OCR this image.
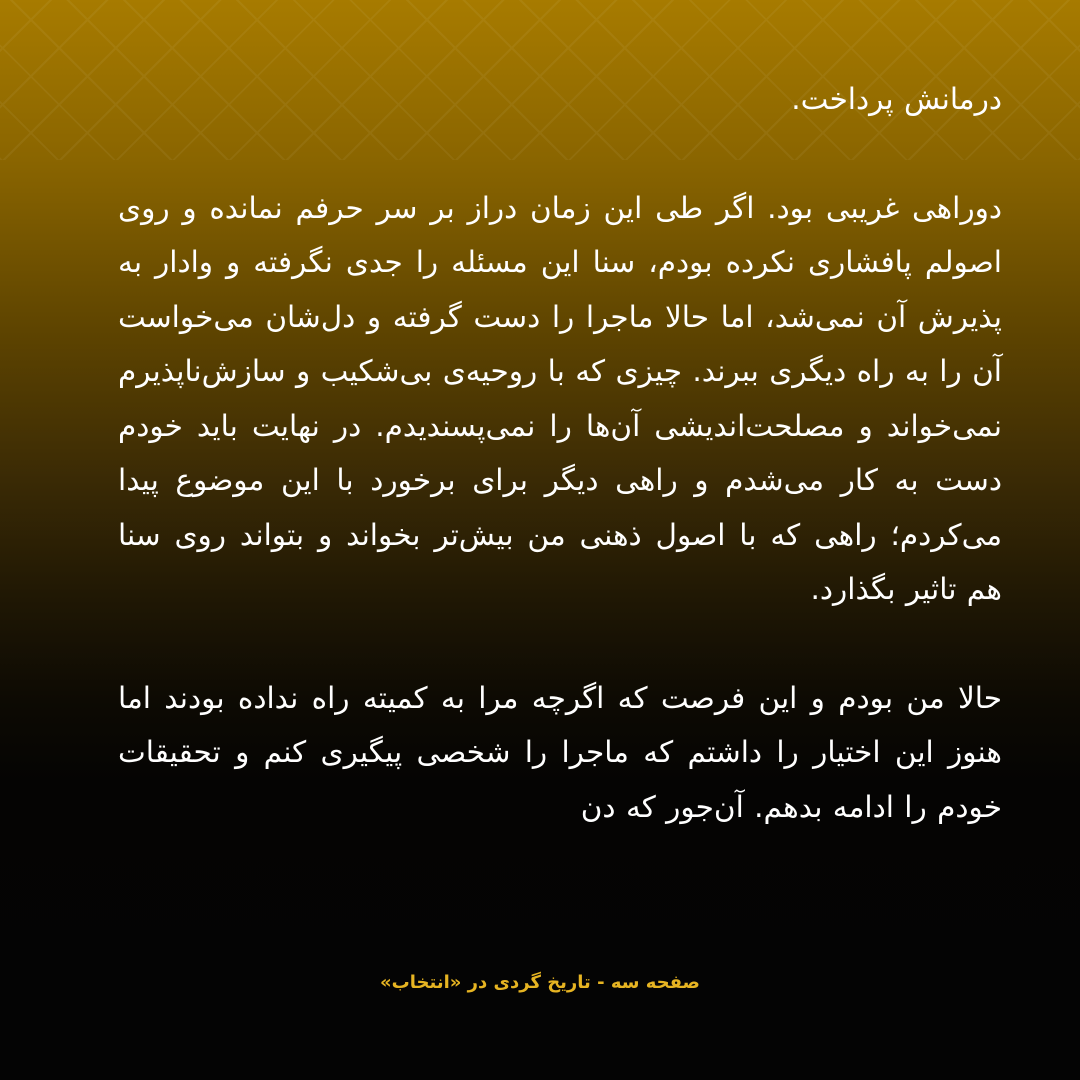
درمانش پرداخت.

دوراهی غریبی بود. اگر طی این زمان دراز بر سر حرفم نمانده و روی اصولم پافشاری نکرده بودم، سنا این مسئله را جدی نگرفته و وادار به پذیرش آن نمی‌شد، اما حالا ماجرا را دست گرفته و دل‌شان می‌خواست آن را به راه دیگری ببرند. چیزی که با روحیه‌ی بی‌شکیب و سازش‌ناپذیرم نمی‌خواند و مصلحت‌اندیشی آن‌ها را نمی‌پسندیدم. در نهایت باید خودم دست به کار می‌شدم و راهی دیگر برای برخورد با این موضوع پیدا می‌کردم؛ راهی که با اصول ذهنی من بیش‌تر بخواند و بتواند روی سنا هم تاثیر بگذارد.

حالا من بودم و این فرصت که اگرچه مرا به کمیته راه نداده بودند اما هنوز این اختیار را داشتم که ماجرا را شخصی پیگیری کنم و تحقیقات خودم را ادامه بدهم. آن‌جور که دن

صفحه سه - تاریخ گردی در «انتخاب»
